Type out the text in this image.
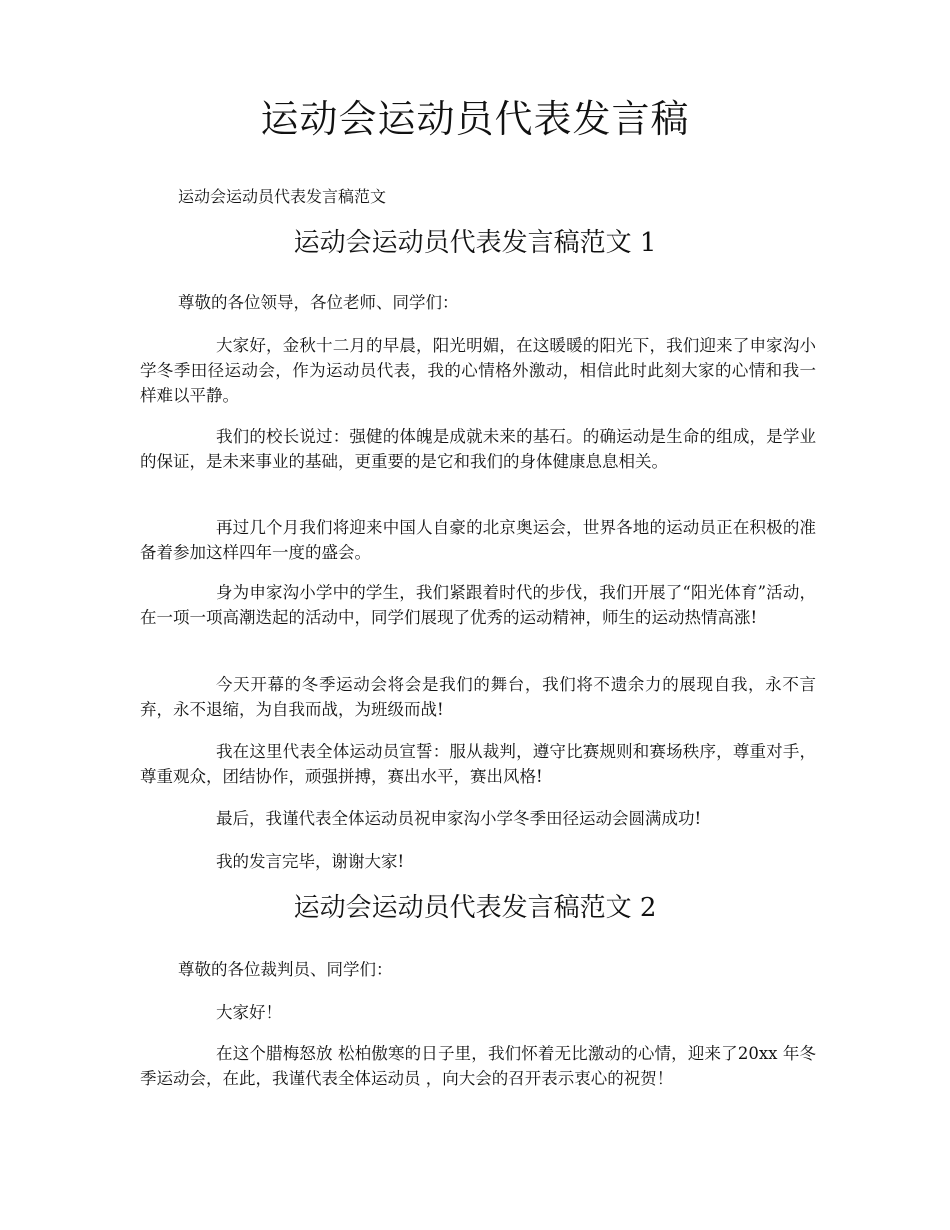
运动会运动员代表发言稿

运动会运动员代表发言稿范文

运动会运动员代表发言稿范文 1

尊敬的各位领导，各位老师、同学们：

大家好，金秋十二月的早晨，阳光明媚，在这暖暖的阳光下，我们迎来了申家沟小学冬季田径运动会，作为运动员代表，我的心情格外激动，相信此时此刻大家的心情和我一样难以平静。

我们的校长说过：强健的体魄是成就未来的基石。的确运动是生命的组成，是学业的保证，是未来事业的基础，更重要的是它和我们的身体健康息息相关。

再过几个月我们将迎来中国人自豪的北京奥运会，世界各地的运动员正在积极的准备着参加这样四年一度的盛会。

身为申家沟小学中的学生，我们紧跟着时代的步伐，我们开展了“阳光体育”活动，在一项一项高潮迭起的活动中，同学们展现了优秀的运动精神，师生的运动热情高涨!

今天开幕的冬季运动会将会是我们的舞台，我们将不遗余力的展现自我，永不言弃，永不退缩，为自我而战，为班级而战!

我在这里代表全体运动员宣誓：服从裁判，遵守比赛规则和赛场秩序，尊重对手，尊重观众，团结协作，顽强拼搏，赛出水平，赛出风格!

最后，我谨代表全体运动员祝申家沟小学冬季田径运动会圆满成功!

我的发言完毕，谢谢大家!

运动会运动员代表发言稿范文 2

尊敬的各位裁判员、同学们：

大家好！

在这个腊梅怒放 松柏傲寒的日子里，我们怀着无比激动的心情，迎来了20xx 年冬季运动会，在此，我谨代表全体运动员 ，向大会的召开表示衷心的祝贺！
